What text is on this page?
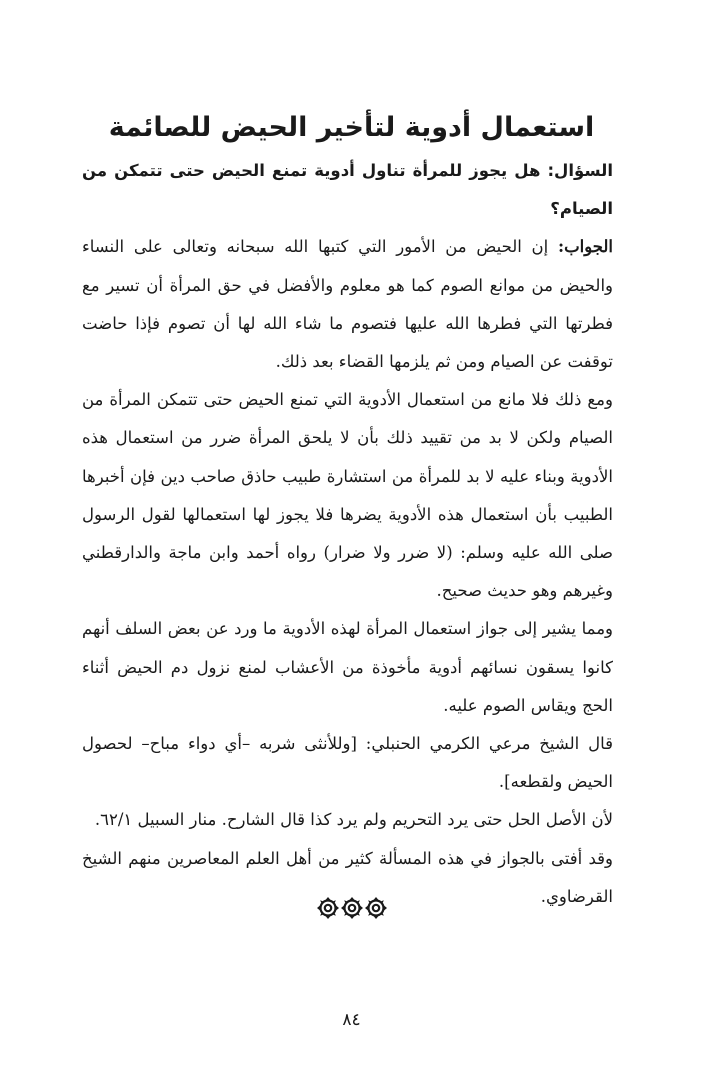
استعمال أدوية لتأخير الحيض للصائمة

السؤال: هل يجوز للمرأة تناول أدوية تمنع الحيض حتى تتمكن من الصيام؟

الجواب: إن الحيض من الأمور التي كتبها الله سبحانه وتعالى على النساء والحيض من موانع الصوم كما هو معلوم والأفضل في حق المرأة أن تسير مع فطرتها التي فطرها الله عليها فتصوم ما شاء الله لها أن تصوم فإذا حاضت توقفت عن الصيام ومن ثم يلزمها القضاء بعد ذلك.

ومع ذلك فلا مانع من استعمال الأدوية التي تمنع الحيض حتى تتمكن المرأة من الصيام ولكن لا بد من تقييد ذلك بأن لا يلحق المرأة ضرر من استعمال هذه الأدوية وبناء عليه لا بد للمرأة من استشارة طبيب حاذق صاحب دين فإن أخبرها الطبيب بأن استعمال هذه الأدوية يضرها فلا يجوز لها استعمالها لقول الرسول صلى الله عليه وسلم: (لا ضرر ولا ضرار) رواه أحمد وابن ماجة والدارقطني وغيرهم وهو حديث صحيح.

ومما يشير إلى جواز استعمال المرأة لهذه الأدوية ما ورد عن بعض السلف أنهم كانوا يسقون نسائهم أدوية مأخوذة من الأعشاب لمنع نزول دم الحيض أثناء الحج ويقاس الصوم عليه.

قال الشيخ مرعي الكرمي الحنبلي: [وللأنثى شربه –أي دواء مباح– لحصول الحيض ولقطعه].

لأن الأصل الحل حتى يرد التحريم ولم يرد كذا قال الشارح. منار السبيل ٦٢/١.

وقد أفتى بالجواز في هذه المسألة كثير من أهل العلم المعاصرين منهم الشيخ القرضاوي.

٨٤
